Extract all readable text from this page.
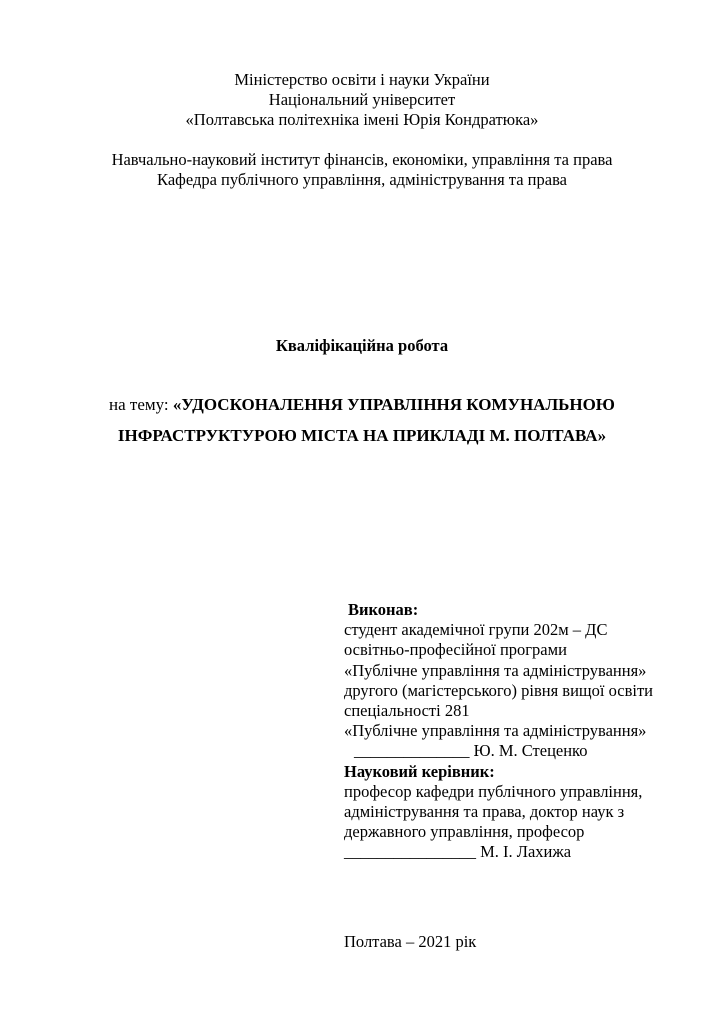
Міністерство освіти і науки України
Національний університет
«Полтавська політехніка імені Юрія Кондратюка»
Навчально-науковий інститут фінансів, економіки, управління та права
Кафедра публічного управління, адміністрування та права
Кваліфікаційна робота
на тему: «УДОСКОНАЛЕННЯ УПРАВЛІННЯ КОМУНАЛЬНОЮ
ІНФРАСТРУКТУРОЮ МІСТА НА ПРИКЛАДІ М. ПОЛТАВА»
Виконав:
студент академічної групи 202м – ДС
освітньо-професійної програми
«Публічне управління та адміністрування»
другого (магістерського) рівня вищої освіти
спеціальності 281
«Публічне управління та адміністрування»
______________ Ю. М. Стеценко
Науковий керівник:
професор кафедри публічного управління,
адміністрування та права, доктор наук з
державного управління, професор
________________ М. І. Лахижа
Полтава – 2021 рік
